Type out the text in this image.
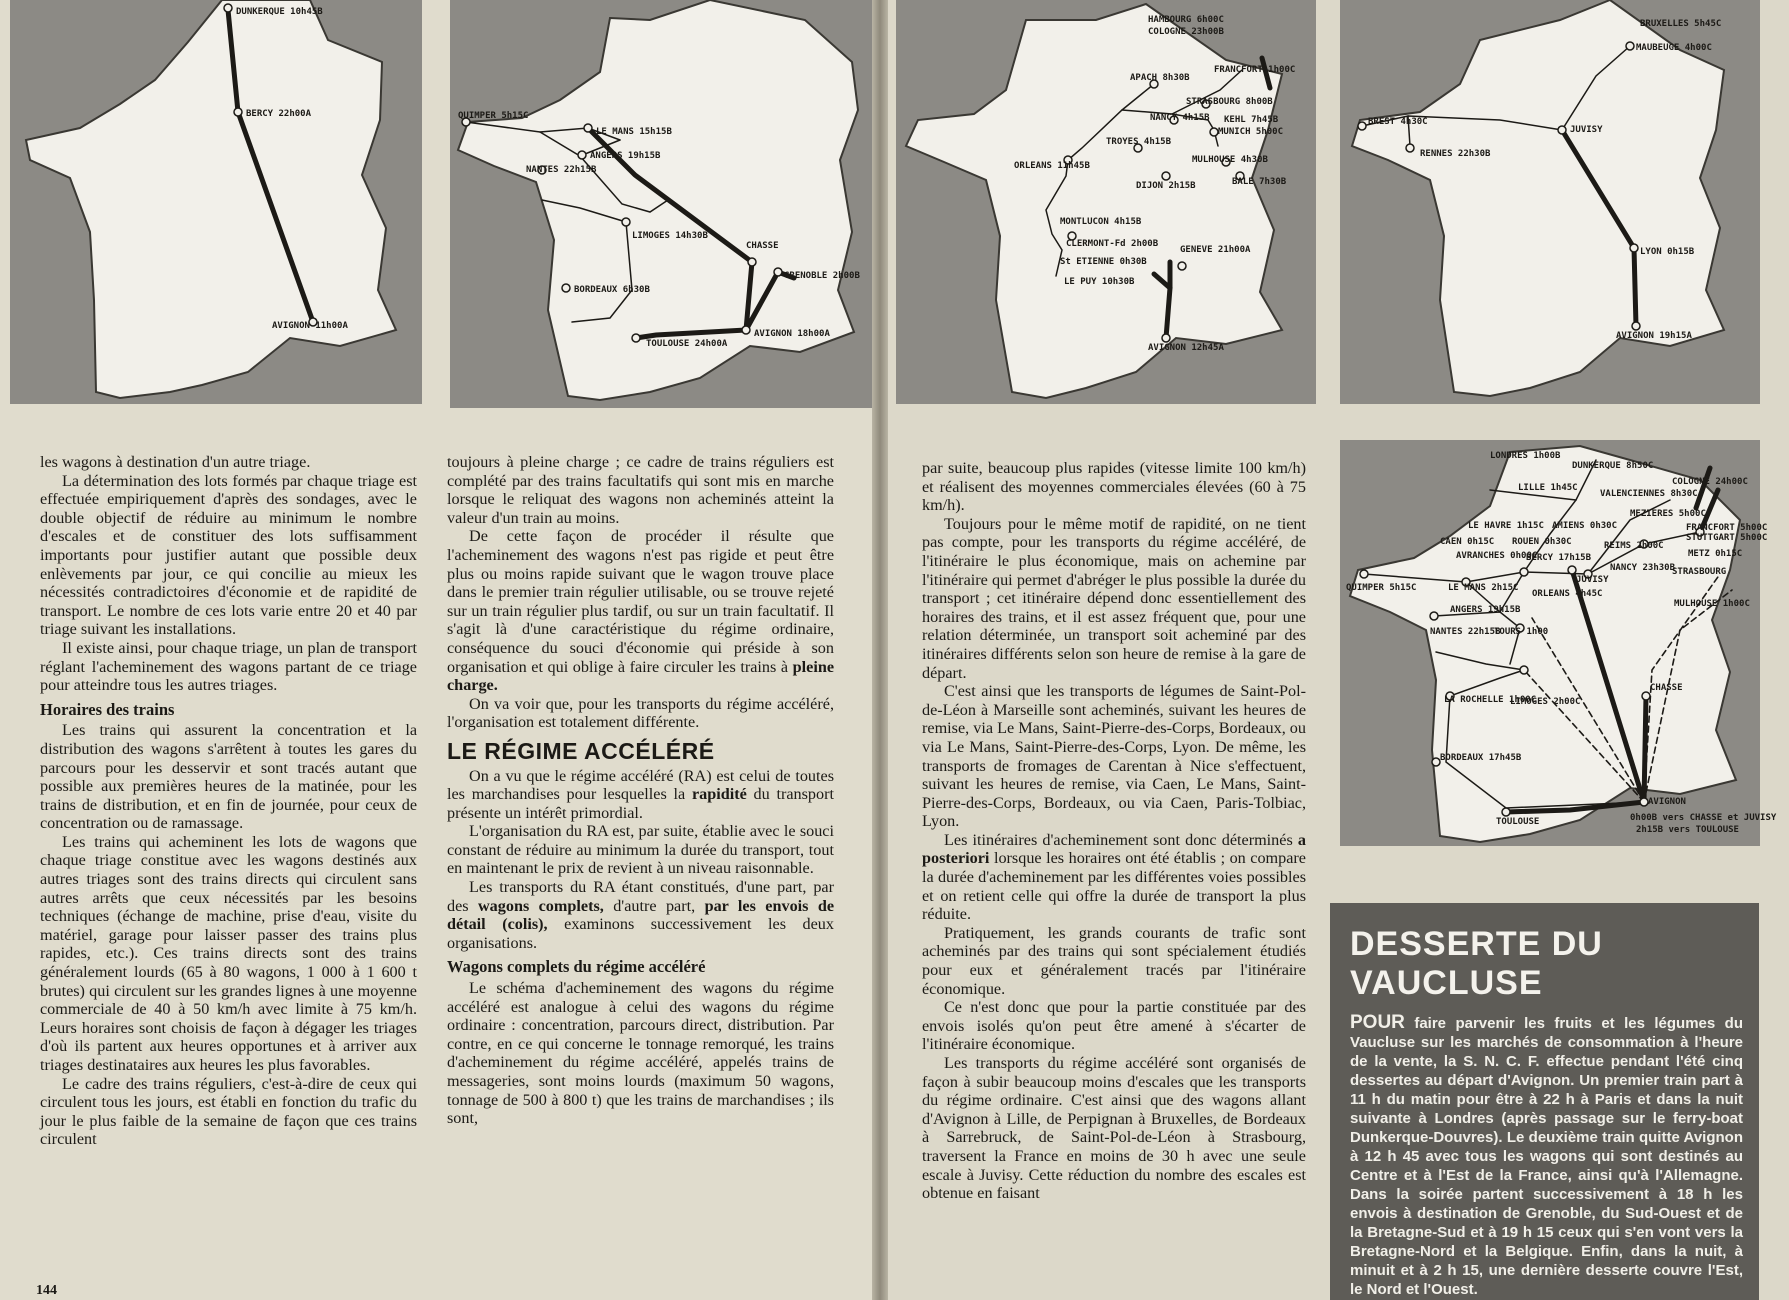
DUNKERQUE 10h45B
BERCY 22h00A
AVIGNON 11h00A
QUIMPER 5h15C
LE MANS 15h15B
ANGERS 19h15B
NANTES 22h15B
LIMOGES 14h30B
CHASSE
GRENOBLE 2h00B
BORDEAUX 6h30B
AVIGNON 18h00A
TOULOUSE 24h00A
HAMBOURG 6h00C
COLOGNE 23h00B
FRANCFORT 1h00C
APACH 8h30B
STRASBOURG 8h00B
NANCY 4h15B KEHL 7h45B
MUNICH 5h00C
TROYES 4h15B
MULHOUSE 4h30B
ORLEANS 11h45B
DIJON 2h15B	BALE 7h30B
MONTLUCON 4h15B
CLERMONT-Fd 2h00B
GENEVE 21h00A
St ETIENNE 0h30B
LE PUY 10h30B
AVIGNON 12h45A
BRUXELLES 5h45C
MAUBEUGE 4h00C
BREST 4h30C
JUVISY
RENNES 22h30B
LYON 0h15B
AVIGNON 19h15A
LONDRES 1h00B
DUNKERQUE 8h50C
COLOGNE 24h00C
LILLE 1h45C
VALENCIENNES 8h30C
LE HAVRE 1h15C AMIENS 0h30C
MEZIERES 5h00C
FRANCFORT 5h00C
STUTTGART 5h00C
CAEN 0h15C ROUEN 0h30C	REIMS 2h00C
METZ 0h15C
AVRANCHES 0h00C
BERCY 17h15B
NANCY 23h30B
STRASBOURG
JUVISY
QUIMPER 5h15C	LE MANS 2h15C
ORLEANS 4h45C
MULHOUSE 1h00C
ANGERS 19h15B
NANTES 22h15B
TOURS 1h00
LA ROCHELLE 1h00C
LIMOGES 2h00C
CHASSE
BORDEAUX 17h45B
AVIGNON
TOULOUSE	0h00B vers CHASSE et JUVISY
2h15B vers TOULOUSE

les wagons à destination d'un autre triage.

La détermination des lots formés par chaque triage est effectuée empiriquement d'après des sondages, avec le double objectif de réduire au minimum le nombre d'escales et de constituer des lots suffisamment importants pour justifier autant que possible deux enlèvements par jour, ce qui concilie au mieux les nécessités contradictoires d'économie et de rapidité de transport. Le nombre de ces lots varie entre 20 et 40 par triage suivant les installations.

Il existe ainsi, pour chaque triage, un plan de transport réglant l'acheminement des wagons partant de ce triage pour atteindre tous les autres triages.

Horaires des trains

Les trains qui assurent la concentration et la distribution des wagons s'arrêtent à toutes les gares du parcours pour les desservir et sont tracés autant que possible aux premières heures de la matinée, pour les trains de distribution, et en fin de journée, pour ceux de concentration ou de ramassage.

Les trains qui acheminent les lots de wagons que chaque triage constitue avec les wagons destinés aux autres triages sont des trains directs qui circulent sans autres arrêts que ceux nécessités par les besoins techniques (échange de machine, prise d'eau, visite du matériel, garage pour laisser passer des trains plus rapides, etc.). Ces trains directs sont des trains généralement lourds (65 à 80 wagons, 1 000 à 1 600 t brutes) qui circulent sur les grandes lignes à une moyenne commerciale de 40 à 50 km/h avec limite à 75 km/h. Leurs horaires sont choisis de façon à dégager les triages d'où ils partent aux heures opportunes et à arriver aux triages destinataires aux heures les plus favorables.

Le cadre des trains réguliers, c'est-à-dire de ceux qui circulent tous les jours, est établi en fonction du trafic du jour le plus faible de la semaine de façon que ces trains circulent

toujours à pleine charge ; ce cadre de trains réguliers est complété par des trains facultatifs qui sont mis en marche lorsque le reliquat des wagons non acheminés atteint la valeur d'un train au moins.

De cette façon de procéder il résulte que l'acheminement des wagons n'est pas rigide et peut être plus ou moins rapide suivant que le wagon trouve place dans le premier train régulier utilisable, ou se trouve rejeté sur un train régulier plus tardif, ou sur un train facultatif. Il s'agit là d'une caractéristique du régime ordinaire, conséquence du souci d'économie qui préside à son organisation et qui oblige à faire circuler les trains à pleine charge.

On va voir que, pour les transports du régime accéléré, l'organisation est totalement différente.

LE RÉGIME ACCÉLÉRÉ

On a vu que le régime accéléré (RA) est celui de toutes les marchandises pour lesquelles la rapidité du transport présente un intérêt primordial.

L'organisation du RA est, par suite, établie avec le souci constant de réduire au minimum la durée du transport, tout en maintenant le prix de revient à un niveau raisonnable.

Les transports du RA étant constitués, d'une part, par des wagons complets, d'autre part, par les envois de détail (colis), examinons successivement les deux organisations.

Wagons complets du régime accéléré

Le schéma d'acheminement des wagons du régime accéléré est analogue à celui des wagons du régime ordinaire : concentration, parcours direct, distribution. Par contre, en ce qui concerne le tonnage remorqué, les trains d'acheminement du régime accéléré, appelés trains de messageries, sont moins lourds (maximum 50 wagons, tonnage de 500 à 800 t) que les trains de marchandises ; ils sont,

par suite, beaucoup plus rapides (vitesse limite 100 km/h) et réalisent des moyennes commerciales élevées (60 à 75 km/h).

Toujours pour le même motif de rapidité, on ne tient pas compte, pour les transports du régime accéléré, de l'itinéraire le plus économique, mais on achemine par l'itinéraire qui permet d'abréger le plus possible la durée du transport ; cet itinéraire dépend donc essentiellement des horaires des trains, et il est assez fréquent que, pour une relation déterminée, un transport soit acheminé par des itinéraires différents selon son heure de remise à la gare de départ.

C'est ainsi que les transports de légumes de Saint-Pol-de-Léon à Marseille sont acheminés, suivant les heures de remise, via Le Mans, Saint-Pierre-des-Corps, Bordeaux, ou via Le Mans, Saint-Pierre-des-Corps, Lyon. De même, les transports de fromages de Carentan à Nice s'effectuent, suivant les heures de remise, via Caen, Le Mans, Saint-Pierre-des-Corps, Bordeaux, ou via Caen, Paris-Tolbiac, Lyon.

Les itinéraires d'acheminement sont donc déterminés a posteriori lorsque les horaires ont été établis ; on compare la durée d'acheminement par les différentes voies possibles et on retient celle qui offre la durée de transport la plus réduite.

Pratiquement, les grands courants de trafic sont acheminés par des trains qui sont spécialement étudiés pour eux et généralement tracés par l'itinéraire économique.

Ce n'est donc que pour la partie constituée par des envois isolés qu'on peut être amené à s'écarter de l'itinéraire économique.

Les transports du régime accéléré sont organisés de façon à subir beaucoup moins d'escales que les transports du régime ordinaire. C'est ainsi que des wagons allant d'Avignon à Lille, de Perpignan à Bruxelles, de Bordeaux à Sarrebruck, de Saint-Pol-de-Léon à Strasbourg, traversent la France en moins de 30 h avec une seule escale à Juvisy. Cette réduction du nombre des escales est obtenue en faisant

DESSERTE DU VAUCLUSE

POUR faire parvenir les fruits et les légumes du Vaucluse sur les marchés de consommation à l'heure de la vente, la S. N. C. F. effectue pendant l'été cinq dessertes au départ d'Avignon. Un premier train part à 11 h du matin pour être à 22 h à Paris et dans la nuit suivante à Londres (après passage sur le ferry-boat Dunkerque-Douvres). Le deuxième train quitte Avignon à 12 h 45 avec tous les wagons qui sont destinés au Centre et à l'Est de la France, ainsi qu'à l'Allemagne. Dans la soirée partent successivement à 18 h les envois à destination de Grenoble, du Sud-Ouest et de la Bretagne-Sud et à 19 h 15 ceux qui s'en vont vers la Bretagne-Nord et la Belgique. Enfin, dans la nuit, à minuit et à 2 h 15, une dernière desserte couvre l'Est, le Nord et l'Ouest.

144
